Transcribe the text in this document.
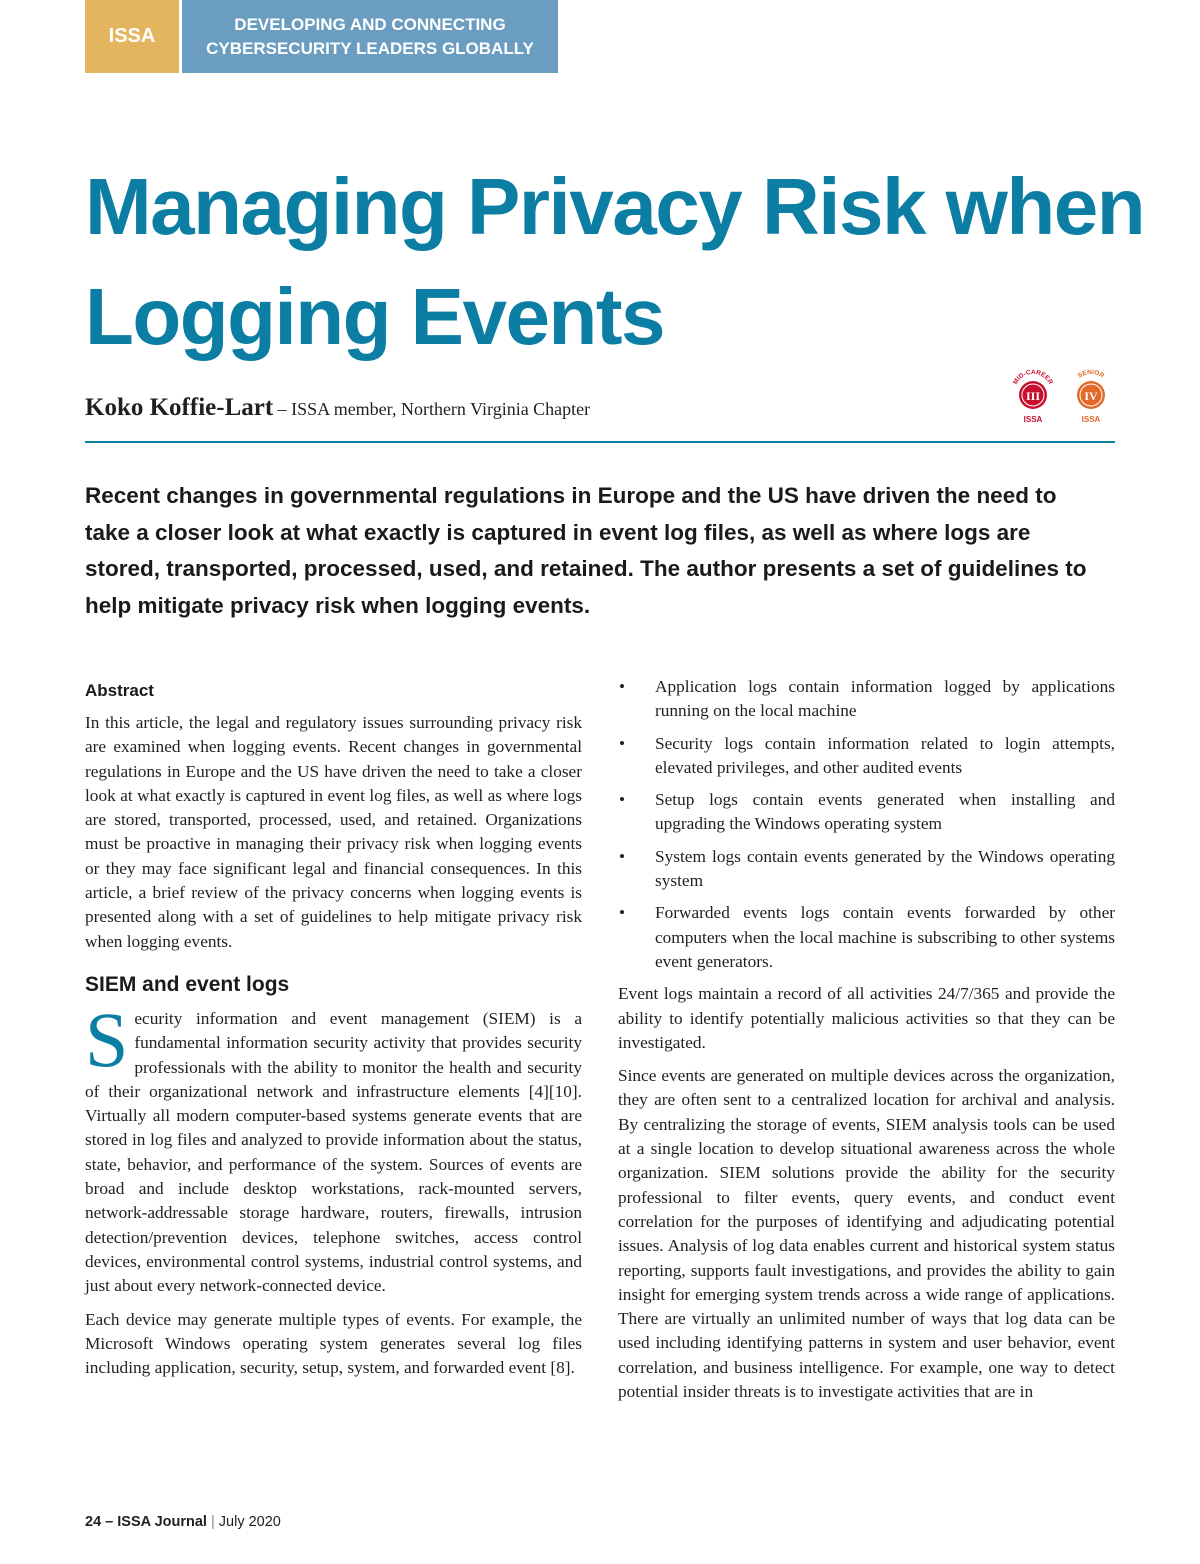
ISSA
DEVELOPING AND CONNECTING
CYBERSECURITY LEADERS GLOBALLY
Managing Privacy Risk when Logging Events
Koko Koffie-Lart – ISSA member, Northern Virginia Chapter
MID-CAREER
III
ISSA
SENIOR
IV
ISSA

Recent changes in governmental regulations in Europe and the US have driven the need to take a closer look at what exactly is captured in event log files, as well as where logs are stored, transported, processed, used, and retained. The author presents a set of guidelines to help mitigate privacy risk when logging events.

Abstract

In this article, the legal and regulatory issues surrounding privacy risk are examined when logging events. Recent changes in governmental regulations in Europe and the US have driven the need to take a closer look at what exactly is captured in event log files, as well as where logs are stored, transported, processed, used, and retained. Organizations must be proactive in managing their privacy risk when logging events or they may face significant legal and financial consequences. In this article, a brief review of the privacy concerns when logging events is presented along with a set of guidelines to help mitigate privacy risk when logging events.

SIEM and event logs

Security information and event management (SIEM) is a fundamental information security activity that provides security professionals with the ability to monitor the health and security of their organizational network and infrastructure elements [4][10]. Virtually all modern computer-based systems generate events that are stored in log files and analyzed to provide information about the status, state, behavior, and performance of the system. Sources of events are broad and include desktop workstations, rack-mounted servers, network-addressable storage hardware, routers, firewalls, intrusion detection/prevention devices, telephone switches, access control devices, environmental control systems, industrial control systems, and just about every network-connected device.

Each device may generate multiple types of events. For example, the Microsoft Windows operating system generates several log files including application, security, setup, system, and forwarded event [8].

• Application logs contain information logged by applications running on the local machine
• Security logs contain information related to login attempts, elevated privileges, and other audited events
• Setup logs contain events generated when installing and upgrading the Windows operating system
• System logs contain events generated by the Windows operating system
• Forwarded events logs contain events forwarded by other computers when the local machine is subscribing to other systems event generators.

Event logs maintain a record of all activities 24/7/365 and provide the ability to identify potentially malicious activities so that they can be investigated.

Since events are generated on multiple devices across the organization, they are often sent to a centralized location for archival and analysis. By centralizing the storage of events, SIEM analysis tools can be used at a single location to develop situational awareness across the whole organization. SIEM solutions provide the ability for the security professional to filter events, query events, and conduct event correlation for the purposes of identifying and adjudicating potential issues. Analysis of log data enables current and historical system status reporting, supports fault investigations, and provides the ability to gain insight for emerging system trends across a wide range of applications. There are virtually an unlimited number of ways that log data can be used including identifying patterns in system and user behavior, event correlation, and business intelligence. For example, one way to detect potential insider threats is to investigate activities that are in

24 – ISSA Journal | July 2020
